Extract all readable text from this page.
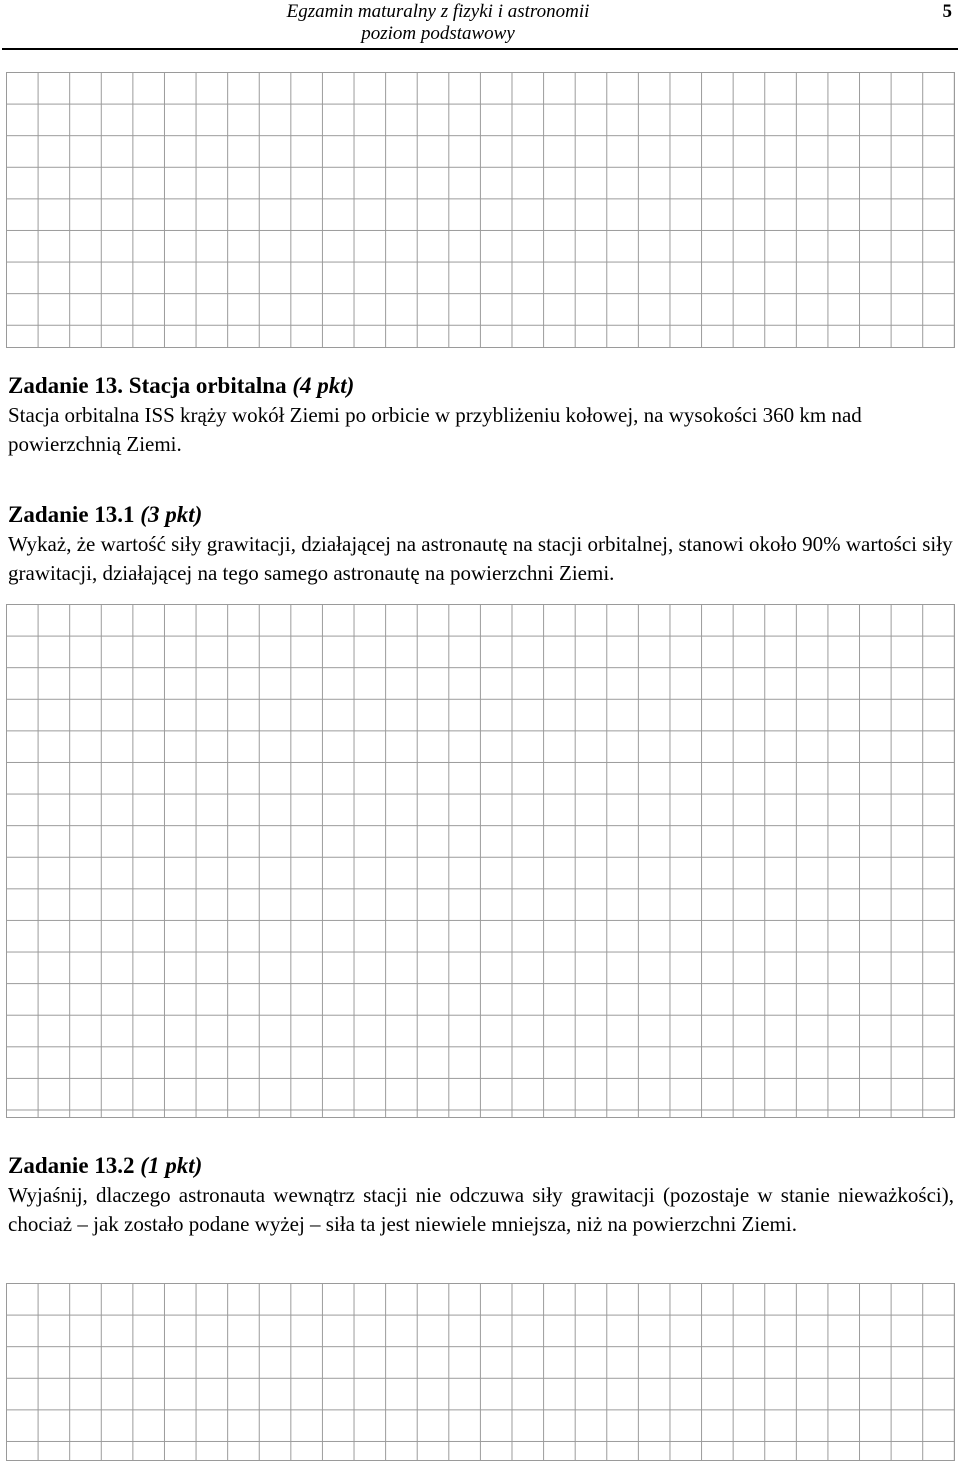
Egzamin maturalny z fizyki i astronomii
poziom podstawowy
5
Zadanie 13. Stacja orbitalna (4 pkt)

Stacja orbitalna ISS krąży wokół Ziemi po orbicie w przybliżeniu kołowej, na wysokości 360 km nad powierzchnią Ziemi.

Zadanie 13.1 (3 pkt)

Wykaż, że wartość siły grawitacji, działającej na astronautę na stacji orbitalnej, stanowi około 90% wartości siły grawitacji, działającej na tego samego astronautę na powierzchni Ziemi.

Zadanie 13.2 (1 pkt)

Wyjaśnij, dlaczego astronauta wewnątrz stacji nie odczuwa siły grawitacji (pozostaje w stanie nieważkości), chociaż – jak zostało podane wyżej – siła ta jest niewiele mniejsza, niż na powierzchni Ziemi.
